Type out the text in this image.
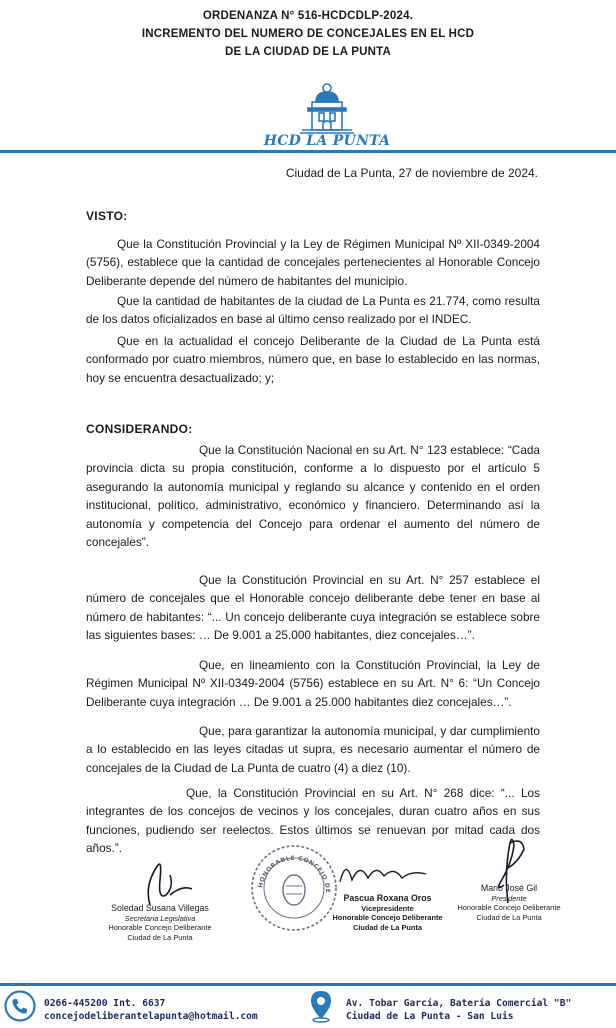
ORDENANZA N° 516-HCDCDLP-2024.
INCREMENTO DEL NUMERO DE CONCEJALES EN EL HCD
DE LA CIUDAD DE LA PUNTA
HCD LA PUNTA
Ciudad de La Punta, 27 de noviembre de 2024.
VISTO:

Que la Constitución Provincial y la Ley de Régimen Municipal Nº XII-0349-2004 (5756), establece que la cantidad de concejales pertenecientes al Honorable Concejo Deliberante depende del número de habitantes del municipio.

Que la cantidad de habitantes de la ciudad de La Punta es 21.774, como resulta de los datos oficializados en base al último censo realizado por el INDEC.

Que en la actualidad el concejo Deliberante de la Ciudad de La Punta está conformado por cuatro miembros, número que, en base lo establecido en las normas, hoy se encuentra desactualizado; y;

CONSIDERANDO:

Que la Constitución Nacional en su Art. N° 123 establece: “Cada provincia dicta su propia constitución, conforme a lo dispuesto por el artículo 5 asegurando la autonomía municipal y reglando su alcance y contenido en el orden institucional, político, administrativo, económico y financiero. Determinando así la autonomía y competencia del Concejo para ordenar el aumento del número de concejales”.

Que la Constitución Provincial en su Art. N° 257 establece el número de concejales que el Honorable concejo deliberante debe tener en base al número de habitantes: “... Un concejo deliberante cuya integración se establece sobre las siguientes bases: … De 9.001 a 25.000 habitantes, diez concejales…”.

Que, en lineamiento con la Constitución Provincial, la Ley de Régimen Municipal Nº XII-0349-2004 (5756) establece en su Art. N° 6: “Un Concejo Deliberante cuya integración … De 9.001 a 25.000 habitantes diez concejales…”.

Que, para garantizar la autonomía municipal, y dar cumplimiento a lo establecido en las leyes citadas ut supra, es necesario aumentar el número de concejales de la Ciudad de La Punta de cuatro (4) a diez (10).

Que, la Constitución Provincial en su Art. N° 268 dice: “... Los integrantes de los concejos de vecinos y los concejales, duran cuatro años en sus funciones, pudiendo ser reelectos. Estos últimos se renuevan por mitad cada dos años.”.

HONORABLE CONCEJO DE
Soledad Susana Villegas
Secretaria Legislativa
Honorable Concejo Deliberante
Ciudad de La Punta
Pascua Roxana Oros
Vicepresidente
Honorable Concejo Deliberante
Ciudad de La Punta
Mario José Gil
Presidente
Honorable Concejo Deliberante
Ciudad de La Punta
0266-445200 Int. 6637
concejodeliberantelapunta@hotmail.com
Av. Tobar García, Batería Comercial "B"
Ciudad de La Punta - San Luis
